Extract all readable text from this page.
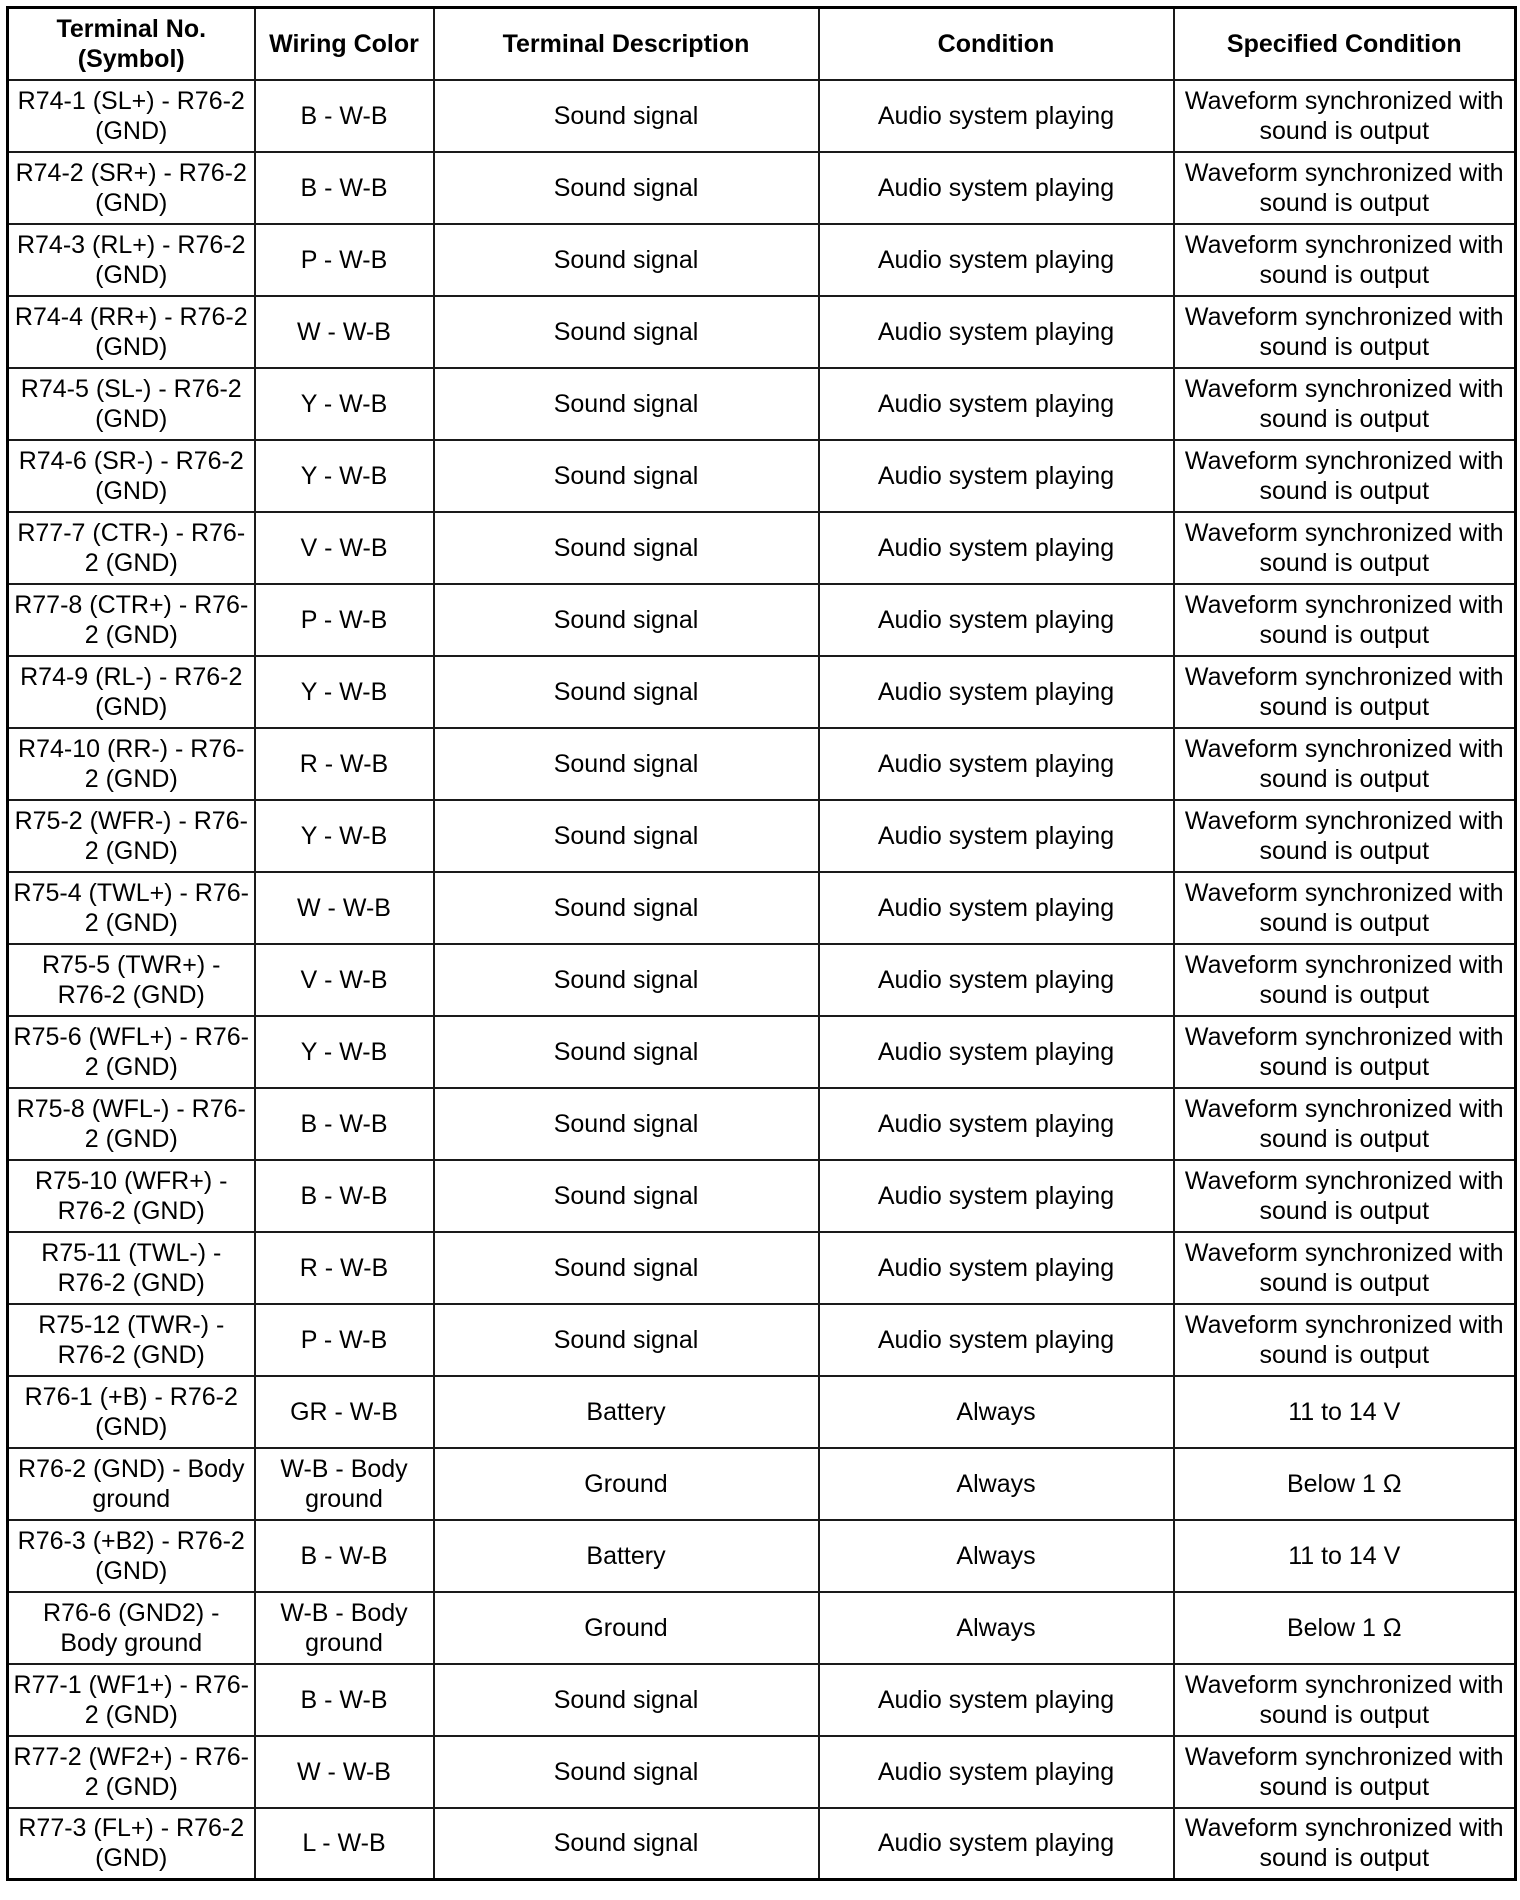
Terminal No. (Symbol)	Wiring Color	Terminal Description	Condition	Specified Condition
R74-1 (SL+) - R76-2 (GND)	B - W-B	Sound signal	Audio system playing	Waveform synchronized with sound is output
R74-2 (SR+) - R76-2 (GND)	B - W-B	Sound signal	Audio system playing	Waveform synchronized with sound is output
R74-3 (RL+) - R76-2 (GND)	P - W-B	Sound signal	Audio system playing	Waveform synchronized with sound is output
R74-4 (RR+) - R76-2 (GND)	W - W-B	Sound signal	Audio system playing	Waveform synchronized with sound is output
R74-5 (SL-) - R76-2 (GND)	Y - W-B	Sound signal	Audio system playing	Waveform synchronized with sound is output
R74-6 (SR-) - R76-2 (GND)	Y - W-B	Sound signal	Audio system playing	Waveform synchronized with sound is output
R77-7 (CTR-) - R76-2 (GND)	V - W-B	Sound signal	Audio system playing	Waveform synchronized with sound is output
R77-8 (CTR+) - R76-2 (GND)	P - W-B	Sound signal	Audio system playing	Waveform synchronized with sound is output
R74-9 (RL-) - R76-2 (GND)	Y - W-B	Sound signal	Audio system playing	Waveform synchronized with sound is output
R74-10 (RR-) - R76-2 (GND)	R - W-B	Sound signal	Audio system playing	Waveform synchronized with sound is output
R75-2 (WFR-) - R76-2 (GND)	Y - W-B	Sound signal	Audio system playing	Waveform synchronized with sound is output
R75-4 (TWL+) - R76-2 (GND)	W - W-B	Sound signal	Audio system playing	Waveform synchronized with sound is output
R75-5 (TWR+) - R76-2 (GND)	V - W-B	Sound signal	Audio system playing	Waveform synchronized with sound is output
R75-6 (WFL+) - R76-2 (GND)	Y - W-B	Sound signal	Audio system playing	Waveform synchronized with sound is output
R75-8 (WFL-) - R76-2 (GND)	B - W-B	Sound signal	Audio system playing	Waveform synchronized with sound is output
R75-10 (WFR+) - R76-2 (GND)	B - W-B	Sound signal	Audio system playing	Waveform synchronized with sound is output
R75-11 (TWL-) - R76-2 (GND)	R - W-B	Sound signal	Audio system playing	Waveform synchronized with sound is output
R75-12 (TWR-) - R76-2 (GND)	P - W-B	Sound signal	Audio system playing	Waveform synchronized with sound is output
R76-1 (+B) - R76-2 (GND)	GR - W-B	Battery	Always	11 to 14 V
R76-2 (GND) - Body ground	W-B - Body ground	Ground	Always	Below 1 Ω
R76-3 (+B2) - R76-2 (GND)	B - W-B	Battery	Always	11 to 14 V
R76-6 (GND2) - Body ground	W-B - Body ground	Ground	Always	Below 1 Ω
R77-1 (WF1+) - R76-2 (GND)	B - W-B	Sound signal	Audio system playing	Waveform synchronized with sound is output
R77-2 (WF2+) - R76-2 (GND)	W - W-B	Sound signal	Audio system playing	Waveform synchronized with sound is output
R77-3 (FL+) - R76-2 (GND)	L - W-B	Sound signal	Audio system playing	Waveform synchronized with sound is output
